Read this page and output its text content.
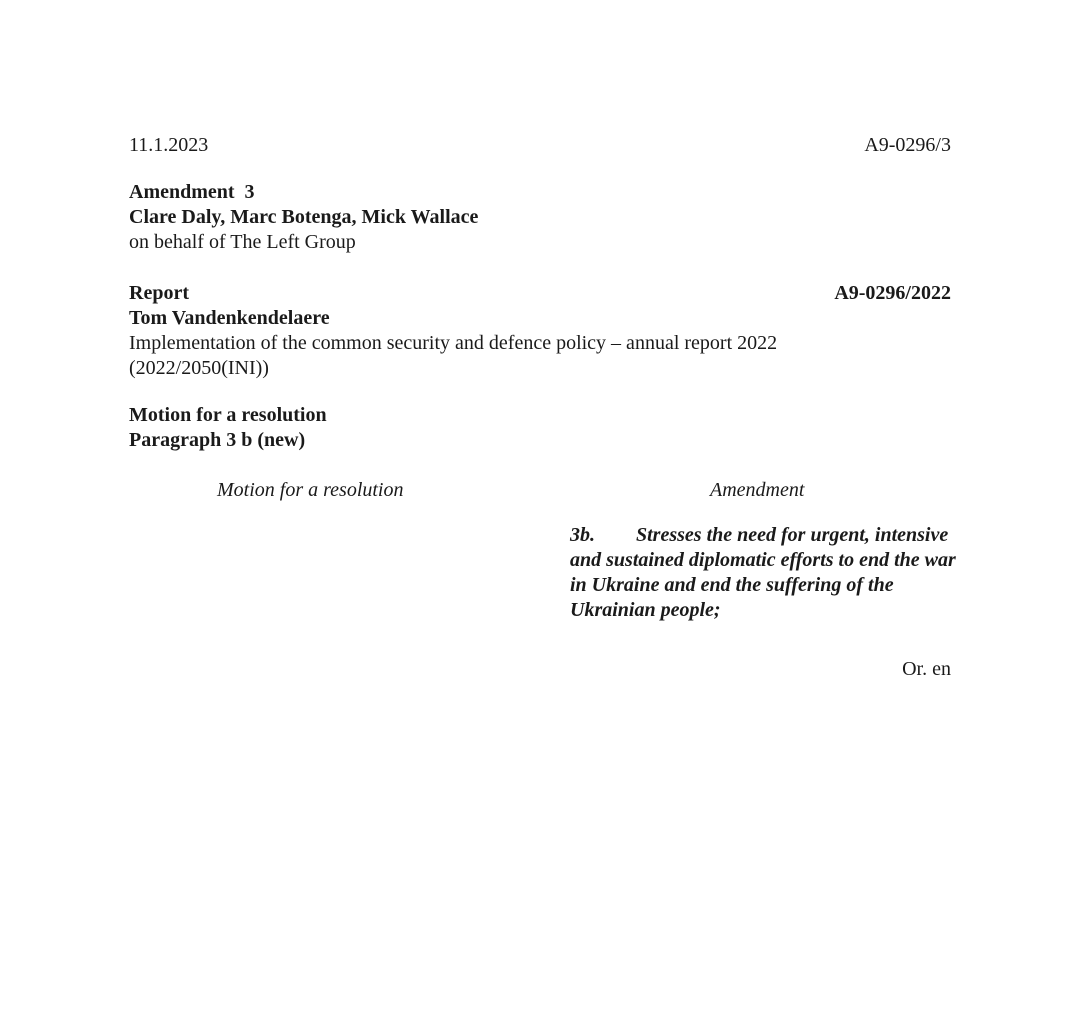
11.1.2023	A9-0296/3
Amendment  3
Clare Daly, Marc Botenga, Mick Wallace
on behalf of The Left Group
Report
Tom Vandenkendelaere
Implementation of the common security and defence policy – annual report 2022
(2022/2050(INI))
A9-0296/2022
Motion for a resolution
Paragraph 3 b (new)
Motion for a resolution	Amendment
3b. Stresses the need for urgent, intensive and sustained diplomatic efforts to end the war in Ukraine and end the suffering of the Ukrainian people;
Or. en
